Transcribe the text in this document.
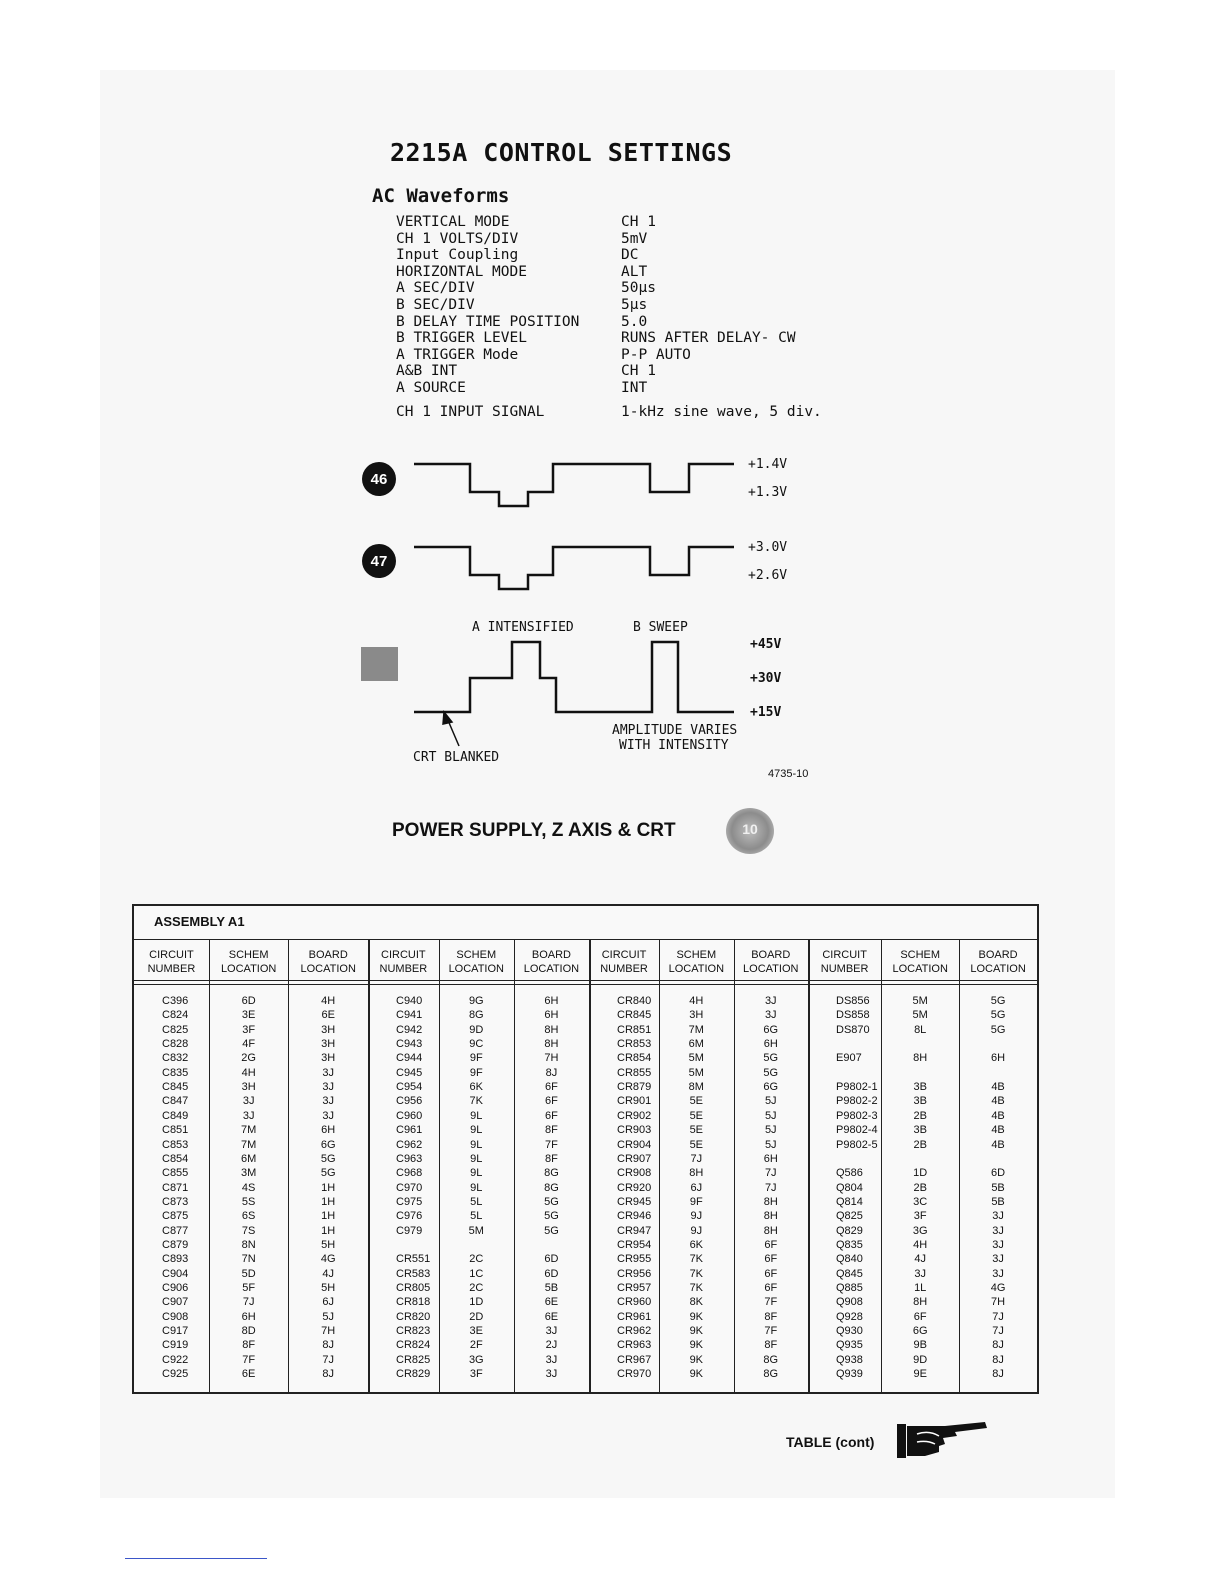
2215A CONTROL SETTINGS
AC Waveforms
VERTICAL MODE	CH 1
CH 1 VOLTS/DIV	5mV
Input Coupling	DC
HORIZONTAL MODE	ALT
A SEC/DIV	50µs
B SEC/DIV	5µs
B DELAY TIME POSITION	5.0
B TRIGGER LEVEL	RUNS AFTER DELAY- CW
A TRIGGER Mode	P-P AUTO
A&B INT	CH 1
A SOURCE	INT
CH 1 INPUT SIGNAL	1-kHz sine wave, 5 div.
46
47
+1.4V
+1.3V
+3.0V
+2.6V
A INTENSIFIED	B SWEEP
+45V
+30V
+15V
CRT BLANKED
AMPLITUDE VARIES
WITH INTENSITY
4735-10
POWER SUPPLY, Z AXIS & CRT	10
ASSEMBLY A1
CIRCUIT
NUMBER
SCHEM
LOCATION
BOARD
LOCATION
C396	6D	4H
C824	3E	6E
C825	3F	3H
C828	4F	3H
C832	2G	3H
C835	4H	3J
C845	3H	3J
C847	3J	3J
C849	3J	3J
C851	7M	6H
C853	7M	6G
C854	6M	5G
C855	3M	5G
C871	4S	1H
C873	5S	1H
C875	6S	1H
C877	7S	1H
C879	8N	5H
C893	7N	4G
C904	5D	4J
C906	5F	5H
C907	7J	6J
C908	6H	5J
C917	8D	7H
C919	8F	8J
C922	7F	7J
C925	6E	8J
CIRCUIT
NUMBER
SCHEM
LOCATION
BOARD
LOCATION
C940	9G	6H
C941	8G	6H
C942	9D	8H
C943	9C	8H
C944	9F	7H
C945	9F	8J
C954	6K	6F
C956	7K	6F
C960	9L	6F
C961	9L	8F
C962	9L	7F
C963	9L	8F
C968	9L	8G
C970	9L	8G
C975	5L	5G
C976	5L	5G
C979	5M	5G
CR551	2C	6D
CR583	1C	6D
CR805	2C	5B
CR818	1D	6E
CR820	2D	6E
CR823	3E	3J
CR824	2F	2J
CR825	3G	3J
CR829	3F	3J
CIRCUIT
NUMBER
SCHEM
LOCATION
BOARD
LOCATION
CR840	4H	3J
CR845	3H	3J
CR851	7M	6G
CR853	6M	6H
CR854	5M	5G
CR855	5M	5G
CR879	8M	6G
CR901	5E	5J
CR902	5E	5J
CR903	5E	5J
CR904	5E	5J
CR907	7J	6H
CR908	8H	7J
CR920	6J	7J
CR945	9F	8H
CR946	9J	8H
CR947	9J	8H
CR954	6K	6F
CR955	7K	6F
CR956	7K	6F
CR957	7K	6F
CR960	8K	7F
CR961	9K	8F
CR962	9K	7F
CR963	9K	8F
CR967	9K	8G
CR970	9K	8G
CIRCUIT
NUMBER
SCHEM
LOCATION
BOARD
LOCATION
DS856	5M	5G
DS858	5M	5G
DS870	8L	5G
E907	8H	6H
P9802-1	3B	4B
P9802-2	3B	4B
P9802-3	2B	4B
P9802-4	3B	4B
P9802-5	2B	4B
Q586	1D	6D
Q804	2B	5B
Q814	3C	5B
Q825	3F	3J
Q829	3G	3J
Q835	4H	3J
Q840	4J	3J
Q845	3J	3J
Q885	1L	4G
Q908	8H	7H
Q928	6F	7J
Q930	6G	7J
Q935	9B	8J
Q938	9D	8J
Q939	9E	8J
TABLE (cont)
